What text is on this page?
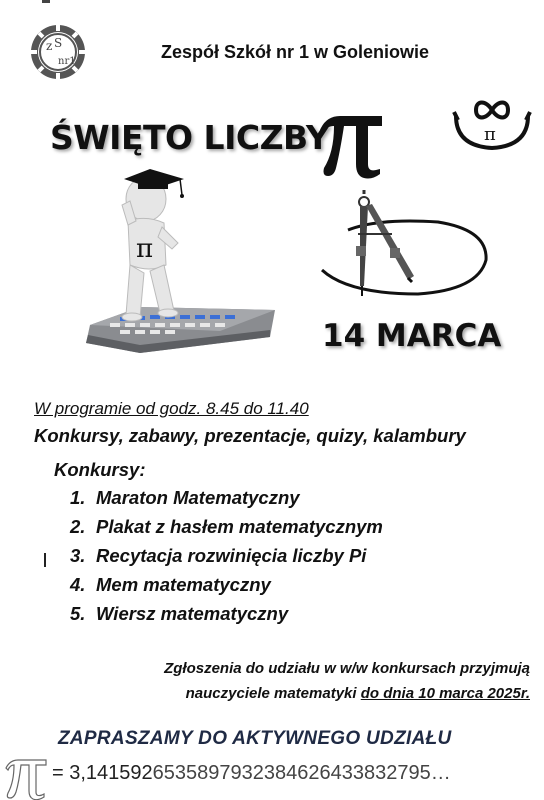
z S
nr1	Zespół Szkół nr 1 w Goleniowie
ŚWIĘTO LICZBY	π
π
14 MARCA
W programie od godz. 8.45 do 11.40
Konkursy, zabawy, prezentacje, quizy, kalambury
Konkursy:
1. Maraton Matematyczny
2. Plakat z hasłem matematycznym
3. Recytacja rozwinięcia liczby Pi
4. Mem matematyczny
5. Wiersz matematyczny
Zgłoszenia do udziału w w/w konkursach przyjmują
nauczyciele matematyki do dnia 10 marca 2025r.
ZAPRASZAMY DO AKTYWNEGO UDZIAŁU
= 3,14159265358979323846264338327​95…
